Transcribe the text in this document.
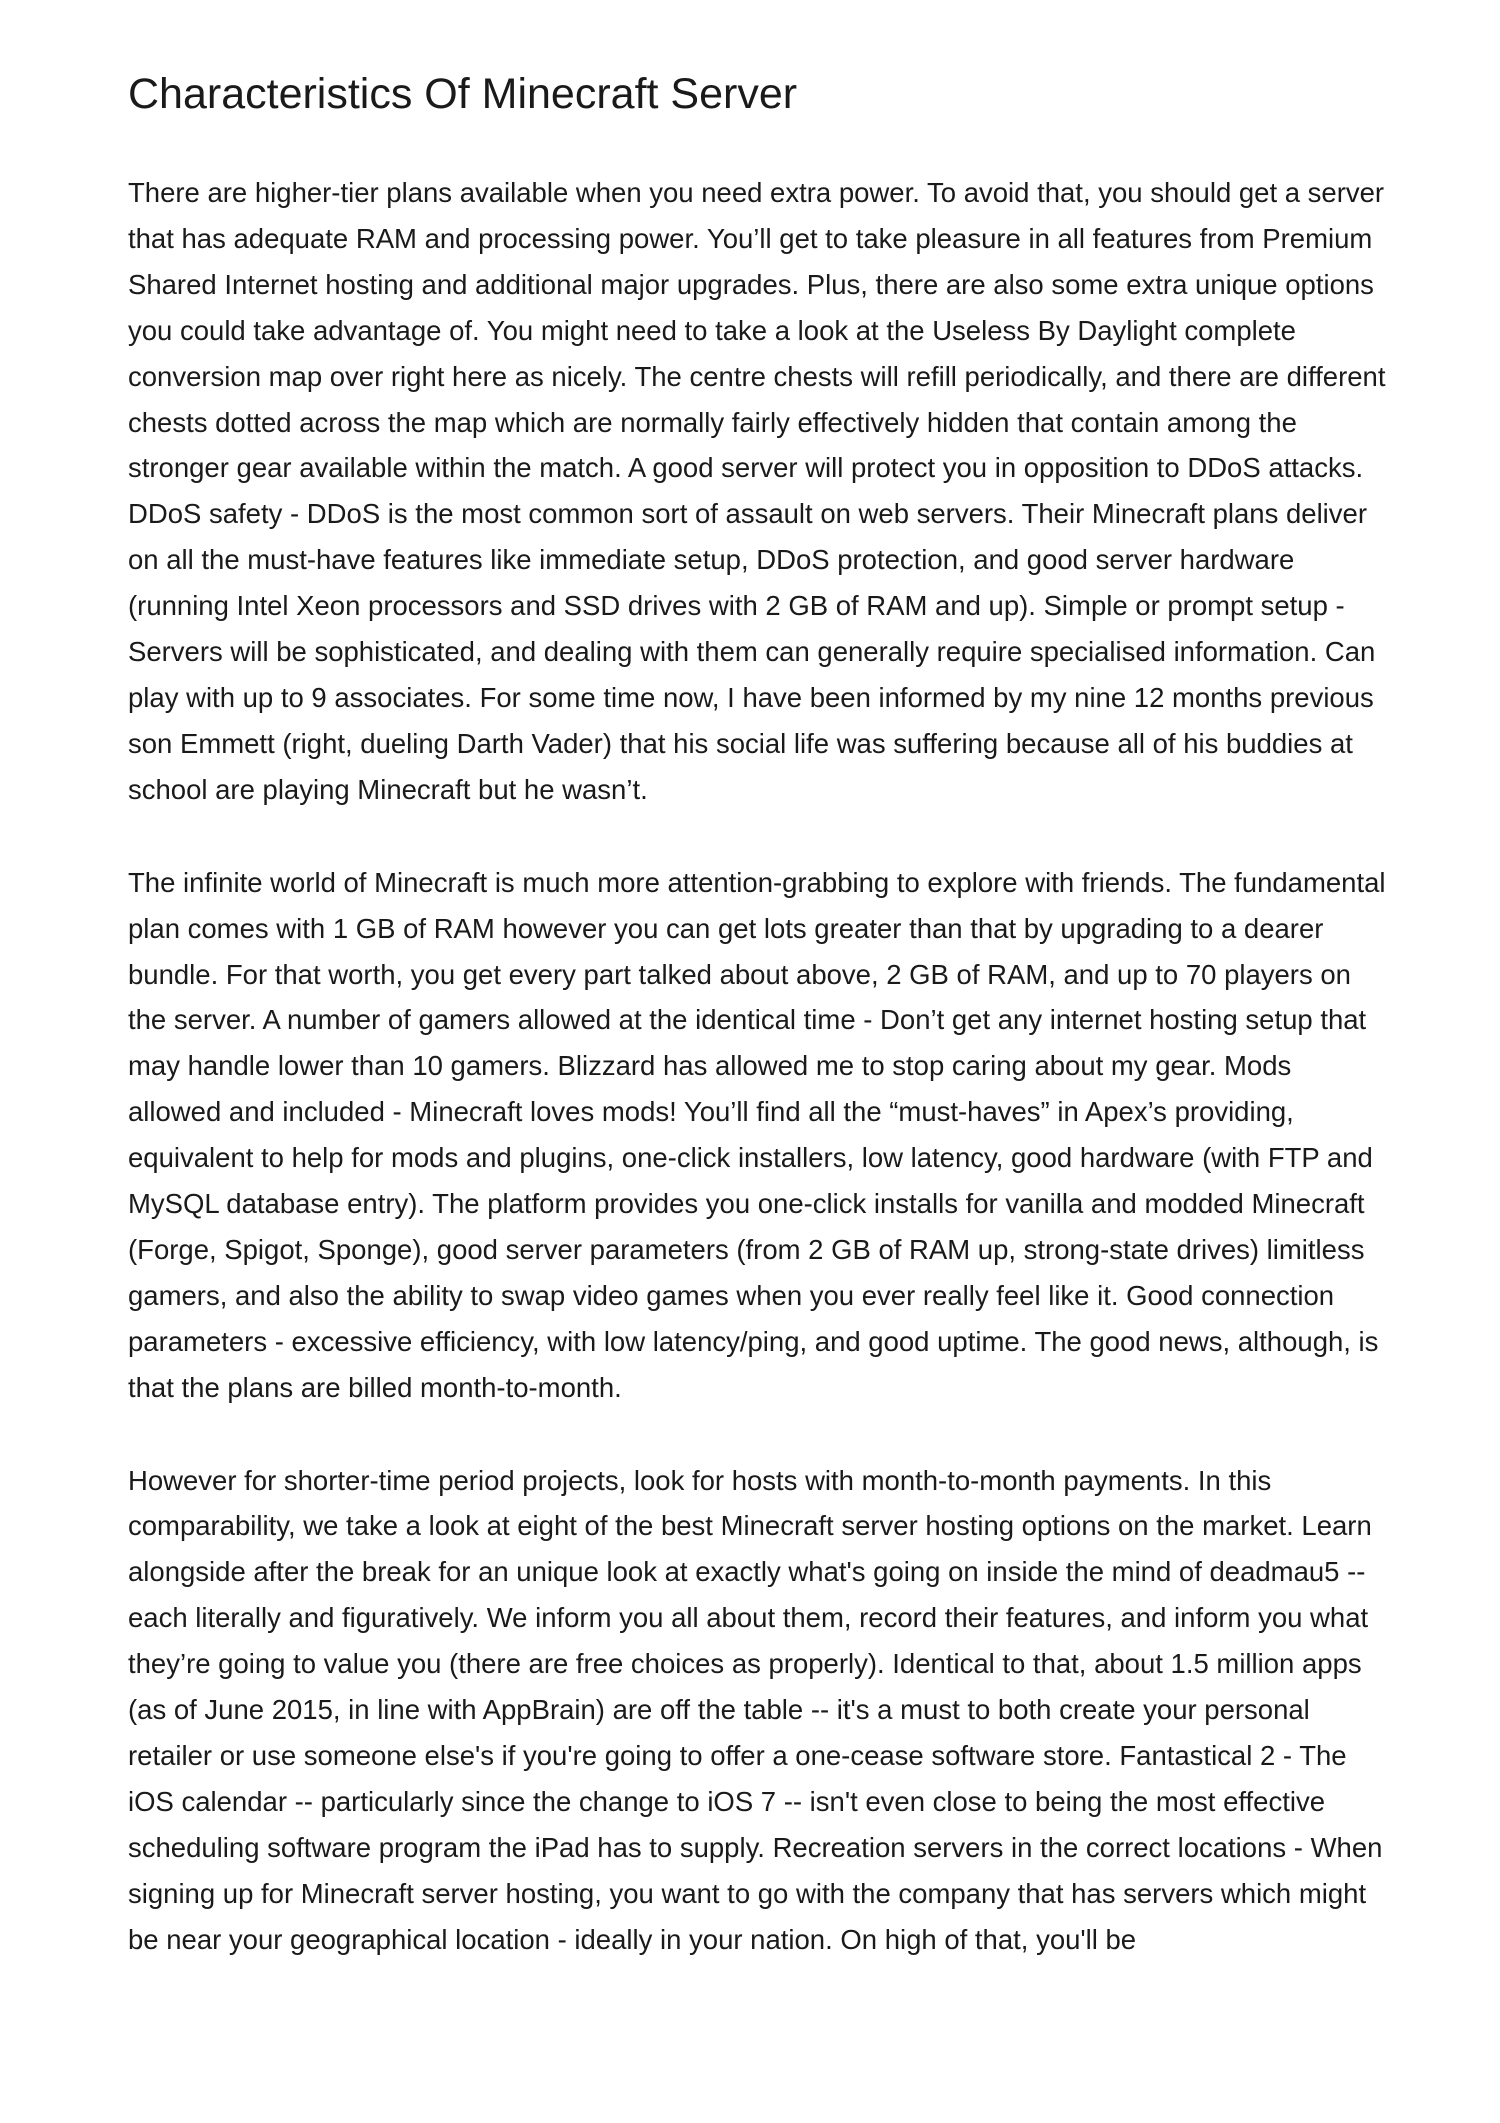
Characteristics Of Minecraft Server

There are higher-tier plans available when you need extra power. To avoid that, you should get a server that has adequate RAM and processing power. You’ll get to take pleasure in all features from Premium Shared Internet hosting and additional major upgrades. Plus, there are also some extra unique options you could take advantage of. You might need to take a look at the Useless By Daylight complete conversion map over right here as nicely. The centre chests will refill periodically, and there are different chests dotted across the map which are normally fairly effectively hidden that contain among the stronger gear available within the match. A good server will protect you in opposition to DDoS attacks. DDoS safety - DDoS is the most common sort of assault on web servers. Their Minecraft plans deliver on all the must-have features like immediate setup, DDoS protection, and good server hardware (running Intel Xeon processors and SSD drives with 2 GB of RAM and up). Simple or prompt setup - Servers will be sophisticated, and dealing with them can generally require specialised information. Can play with up to 9 associates. For some time now, I have been informed by my nine 12 months previous son Emmett (right, dueling Darth Vader) that his social life was suffering because all of his buddies at school are playing Minecraft but he wasn’t.

The infinite world of Minecraft is much more attention-grabbing to explore with friends. The fundamental plan comes with 1 GB of RAM however you can get lots greater than that by upgrading to a dearer bundle. For that worth, you get every part talked about above, 2 GB of RAM, and up to 70 players on the server. A number of gamers allowed at the identical time - Don’t get any internet hosting setup that may handle lower than 10 gamers. Blizzard has allowed me to stop caring about my gear. Mods allowed and included - Minecraft loves mods! You’ll find all the “must-haves” in Apex’s providing, equivalent to help for mods and plugins, one-click installers, low latency, good hardware (with FTP and MySQL database entry). The platform provides you one-click installs for vanilla and modded Minecraft (Forge, Spigot, Sponge), good server parameters (from 2 GB of RAM up, strong-state drives) limitless gamers, and also the ability to swap video games when you ever really feel like it. Good connection parameters - excessive efficiency, with low latency/ping, and good uptime. The good news, although, is that the plans are billed month-to-month.

However for shorter-time period projects, look for hosts with month-to-month payments. In this comparability, we take a look at eight of the best Minecraft server hosting options on the market. Learn alongside after the break for an unique look at exactly what's going on inside the mind of deadmau5 -- each literally and figuratively. We inform you all about them, record their features, and inform you what they’re going to value you (there are free choices as properly). Identical to that, about 1.5 million apps (as of June 2015, in line with AppBrain) are off the table -- it's a must to both create your personal retailer or use someone else's if you're going to offer a one-cease software store. Fantastical 2 - The iOS calendar -- particularly since the change to iOS 7 -- isn't even close to being the most effective scheduling software program the iPad has to supply. Recreation servers in the correct locations - When signing up for Minecraft server hosting, you want to go with the company that has servers which might be near your geographical location - ideally in your nation. On high of that, you'll be
